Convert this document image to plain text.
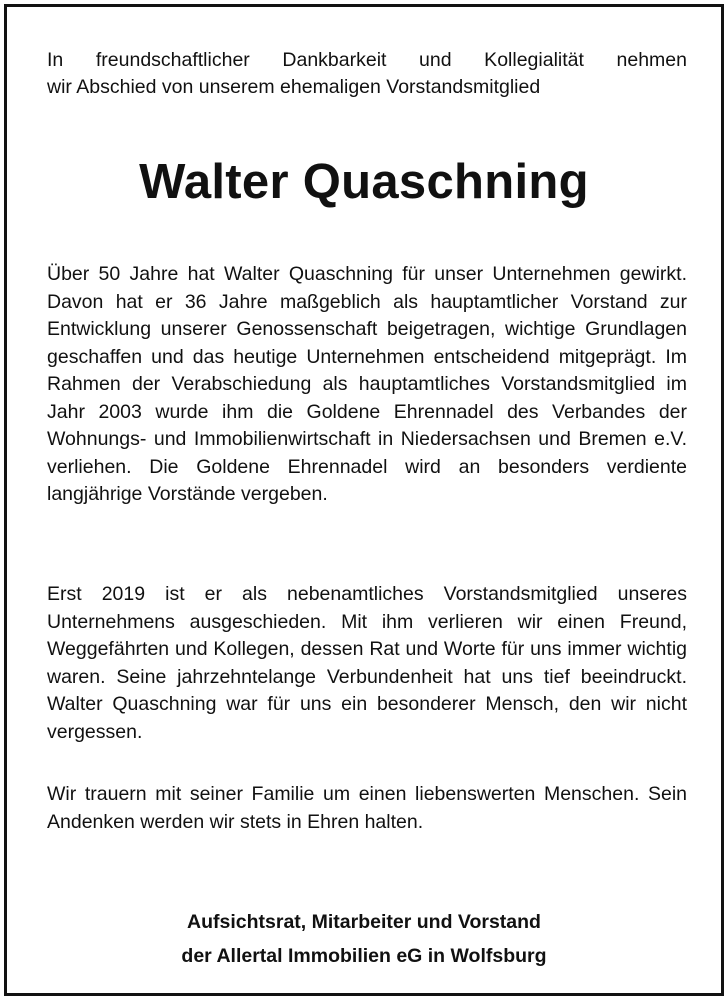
In freundschaftlicher Dankbarkeit und Kollegialität nehmen
wir Abschied von unserem ehemaligen Vorstandsmitglied
Walter Quaschning

Über 50 Jahre hat Walter Quaschning für unser Unternehmen gewirkt. Davon hat er 36 Jahre maßgeblich als hauptamtlicher Vorstand zur Entwicklung unserer Genossenschaft beigetragen, wichtige Grundlagen geschaffen und das heutige Unternehmen entscheidend mitgeprägt. Im Rahmen der Verabschiedung als hauptamtliches Vorstandsmitglied im Jahr 2003 wurde ihm die Goldene Ehrennadel des Verbandes der Wohnungs- und Immobilienwirtschaft in Niedersachsen und Bremen e.V. verliehen. Die Goldene Ehrennadel wird an besonders verdiente langjährige Vorstände vergeben.

Erst 2019 ist er als nebenamtliches Vorstandsmitglied unseres Unternehmens ausgeschieden. Mit ihm verlieren wir einen Freund, Weggefährten und Kollegen, dessen Rat und Worte für uns immer wichtig waren. Seine jahrzehntelange Verbundenheit hat uns tief beeindruckt. Walter Quaschning war für uns ein besonderer Mensch, den wir nicht vergessen.

Wir trauern mit seiner Familie um einen liebenswerten Menschen. Sein Andenken werden wir stets in Ehren halten.

Aufsichtsrat, Mitarbeiter und Vorstand
der Allertal Immobilien eG in Wolfsburg
